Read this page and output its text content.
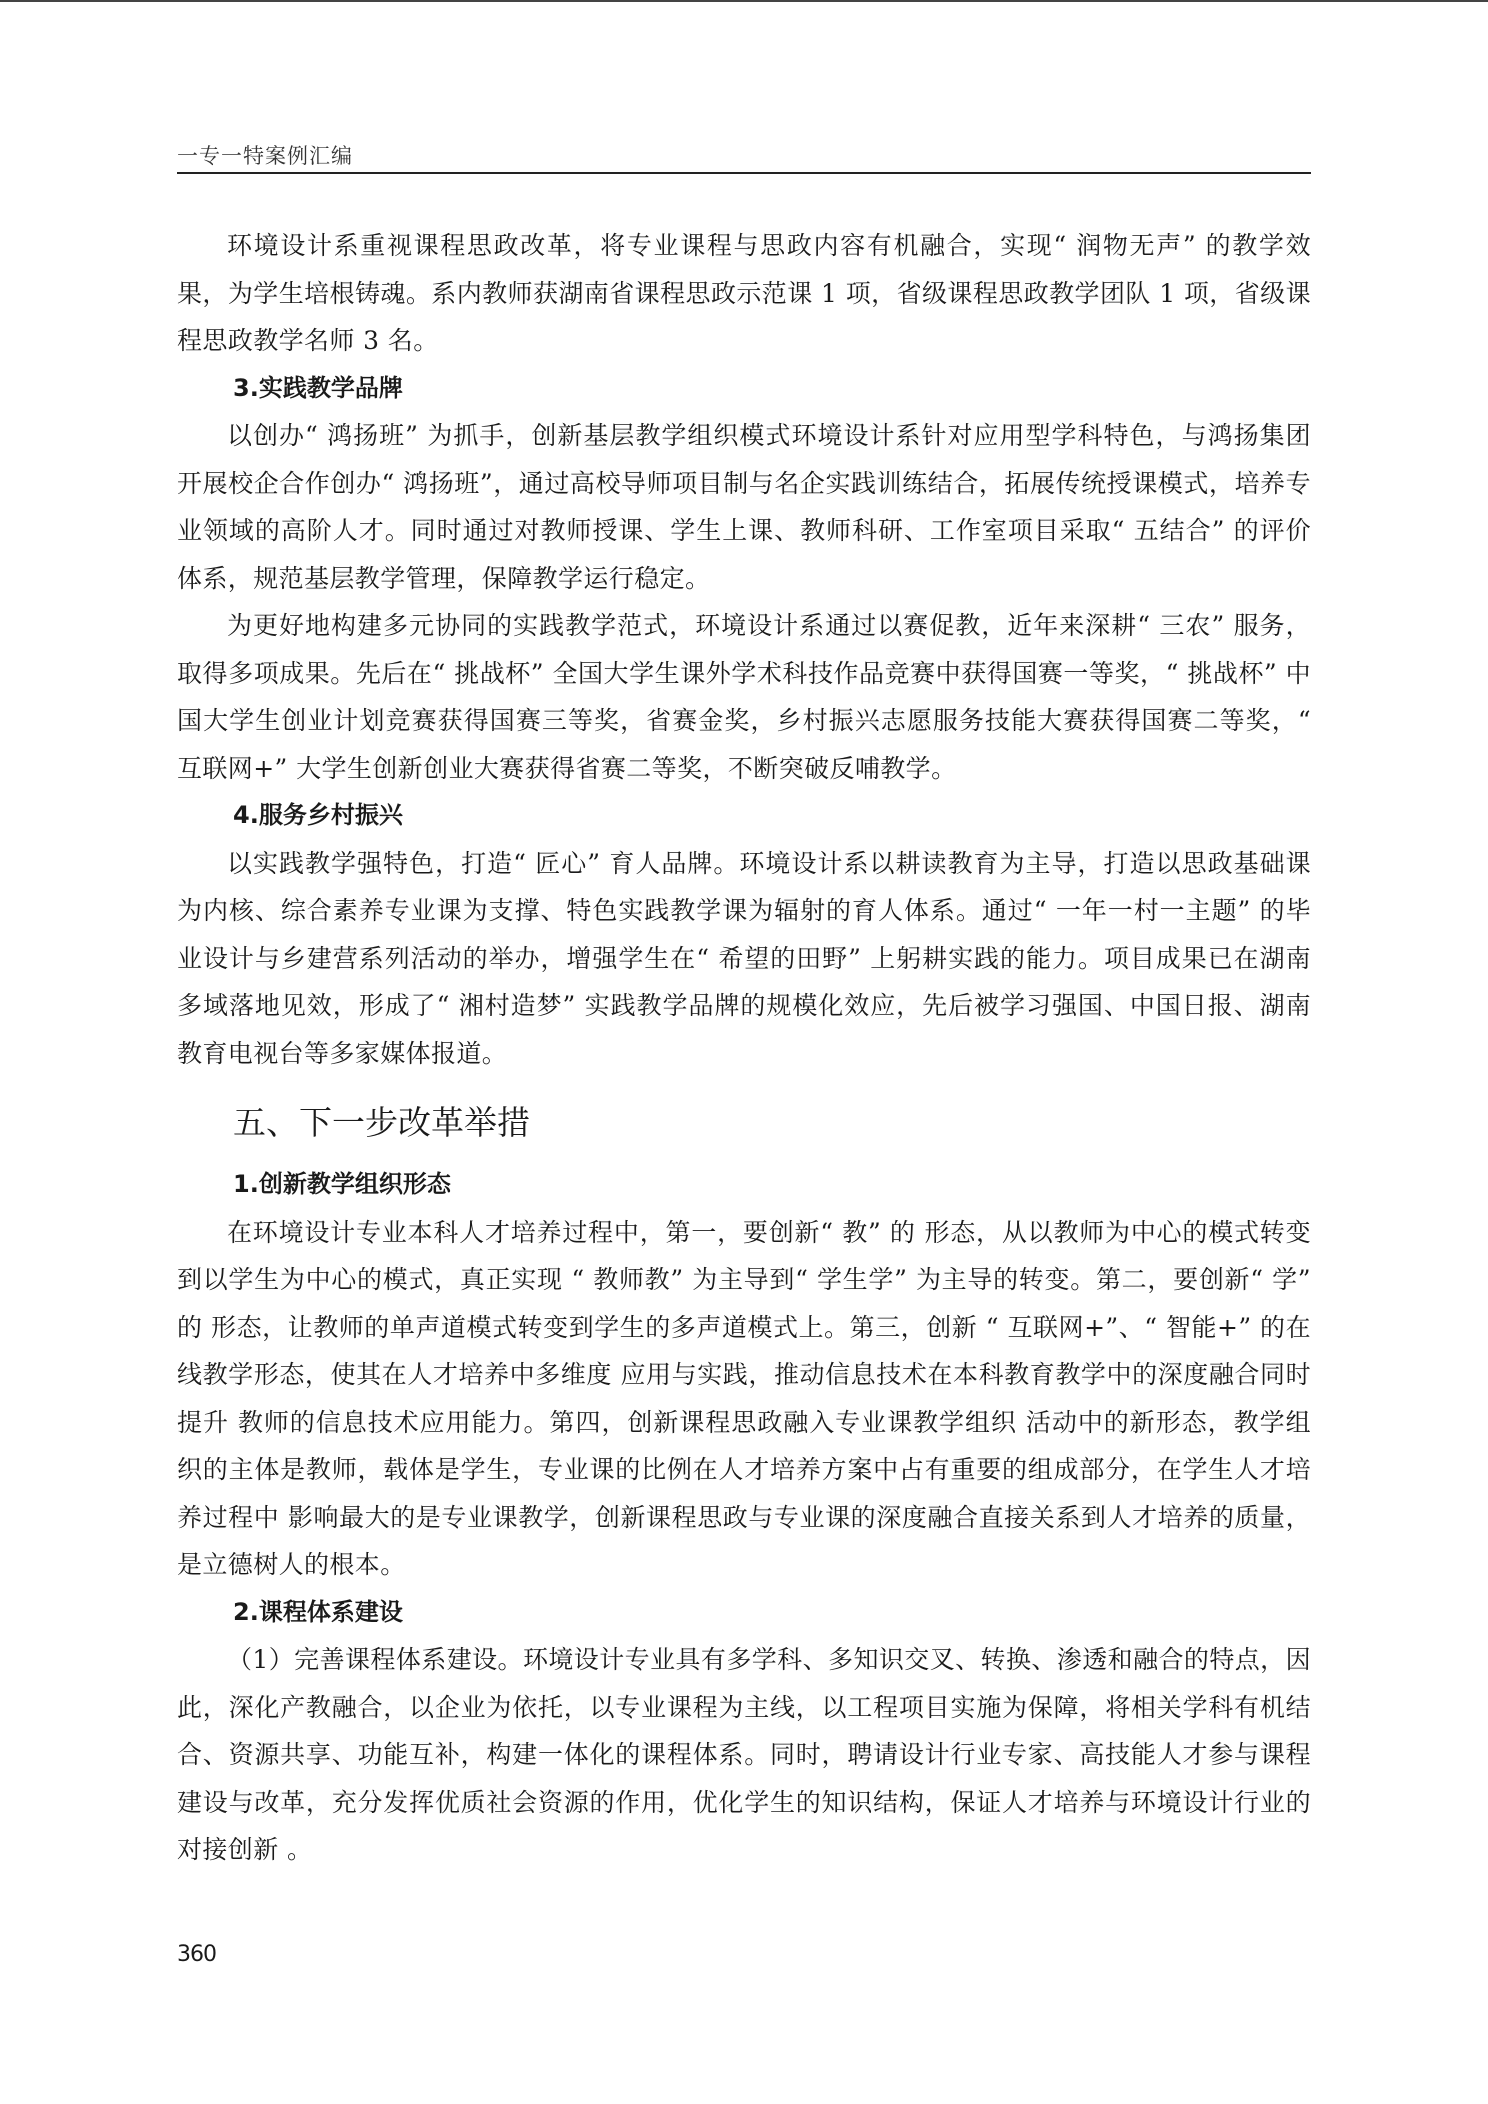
一专一特案例汇编

环境设计系重视课程思政改革，将专业课程与思政内容有机融合，实现“ 润物无声” 的教学效果，为学生培根铸魂。系内教师获湖南省课程思政示范课 1 项，省级课程思政教学团队 1 项，省级课程思政教学名师 3 名。

3.实践教学品牌

以创办“ 鸿扬班” 为抓手，创新基层教学组织模式环境设计系针对应用型学科特色，与鸿扬集团开展校企合作创办“ 鸿扬班”，通过高校导师项目制与名企实践训练结合，拓展传统授课模式，培养专业领域的高阶人才。同时通过对教师授课、学生上课、教师科研、工作室项目采取“ 五结合” 的评价体系，规范基层教学管理，保障教学运行稳定。

为更好地构建多元协同的实践教学范式，环境设计系通过以赛促教，近年来深耕“ 三农” 服务，取得多项成果。先后在“ 挑战杯” 全国大学生课外学术科技作品竞赛中获得国赛一等奖，“ 挑战杯” 中国大学生创业计划竞赛获得国赛三等奖，省赛金奖，乡村振兴志愿服务技能大赛获得国赛二等奖，“ 互联网+” 大学生创新创业大赛获得省赛二等奖，不断突破反哺教学。

4.服务乡村振兴

以实践教学强特色，打造“ 匠心” 育人品牌。环境设计系以耕读教育为主导，打造以思政基础课为内核、综合素养专业课为支撑、特色实践教学课为辐射的育人体系。通过“ 一年一村一主题” 的毕业设计与乡建营系列活动的举办，增强学生在“ 希望的田野” 上躬耕实践的能力。项目成果已在湖南多域落地见效，形成了“ 湘村造梦” 实践教学品牌的规模化效应，先后被学习强国、中国日报、湖南教育电视台等多家媒体报道。

五、下一步改革举措

1.创新教学组织形态

在环境设计专业本科人才培养过程中，第一，要创新“ 教” 的 形态，从以教师为中心的模式转变到以学生为中心的模式，真正实现 “ 教师教” 为主导到“ 学生学” 为主导的转变。第二，要创新“ 学” 的 形态，让教师的单声道模式转变到学生的多声道模式上。第三，创新 “ 互联网+”、“ 智能+” 的在线教学形态，使其在人才培养中多维度 应用与实践，推动信息技术在本科教育教学中的深度融合同时提升 教师的信息技术应用能力。第四，创新课程思政融入专业课教学组织 活动中的新形态，教学组织的主体是教师，载体是学生，专业课的比例在人才培养方案中占有重要的组成部分，在学生人才培养过程中 影响最大的是专业课教学，创新课程思政与专业课的深度融合直接关系到人才培养的质量，是立德树人的根本。

2.课程体系建设

（1）完善课程体系建设。环境设计专业具有多学科、多知识交叉、转换、渗透和融合的特点，因此，深化产教融合，以企业为依托，以专业课程为主线，以工程项目实施为保障，将相关学科有机结合、资源共享、功能互补，构建一体化的课程体系。同时，聘请设计行业专家、高技能人才参与课程建设与改革，充分发挥优质社会资源的作用，优化学生的知识结构，保证人才培养与环境设计行业的对接创新 。

360
